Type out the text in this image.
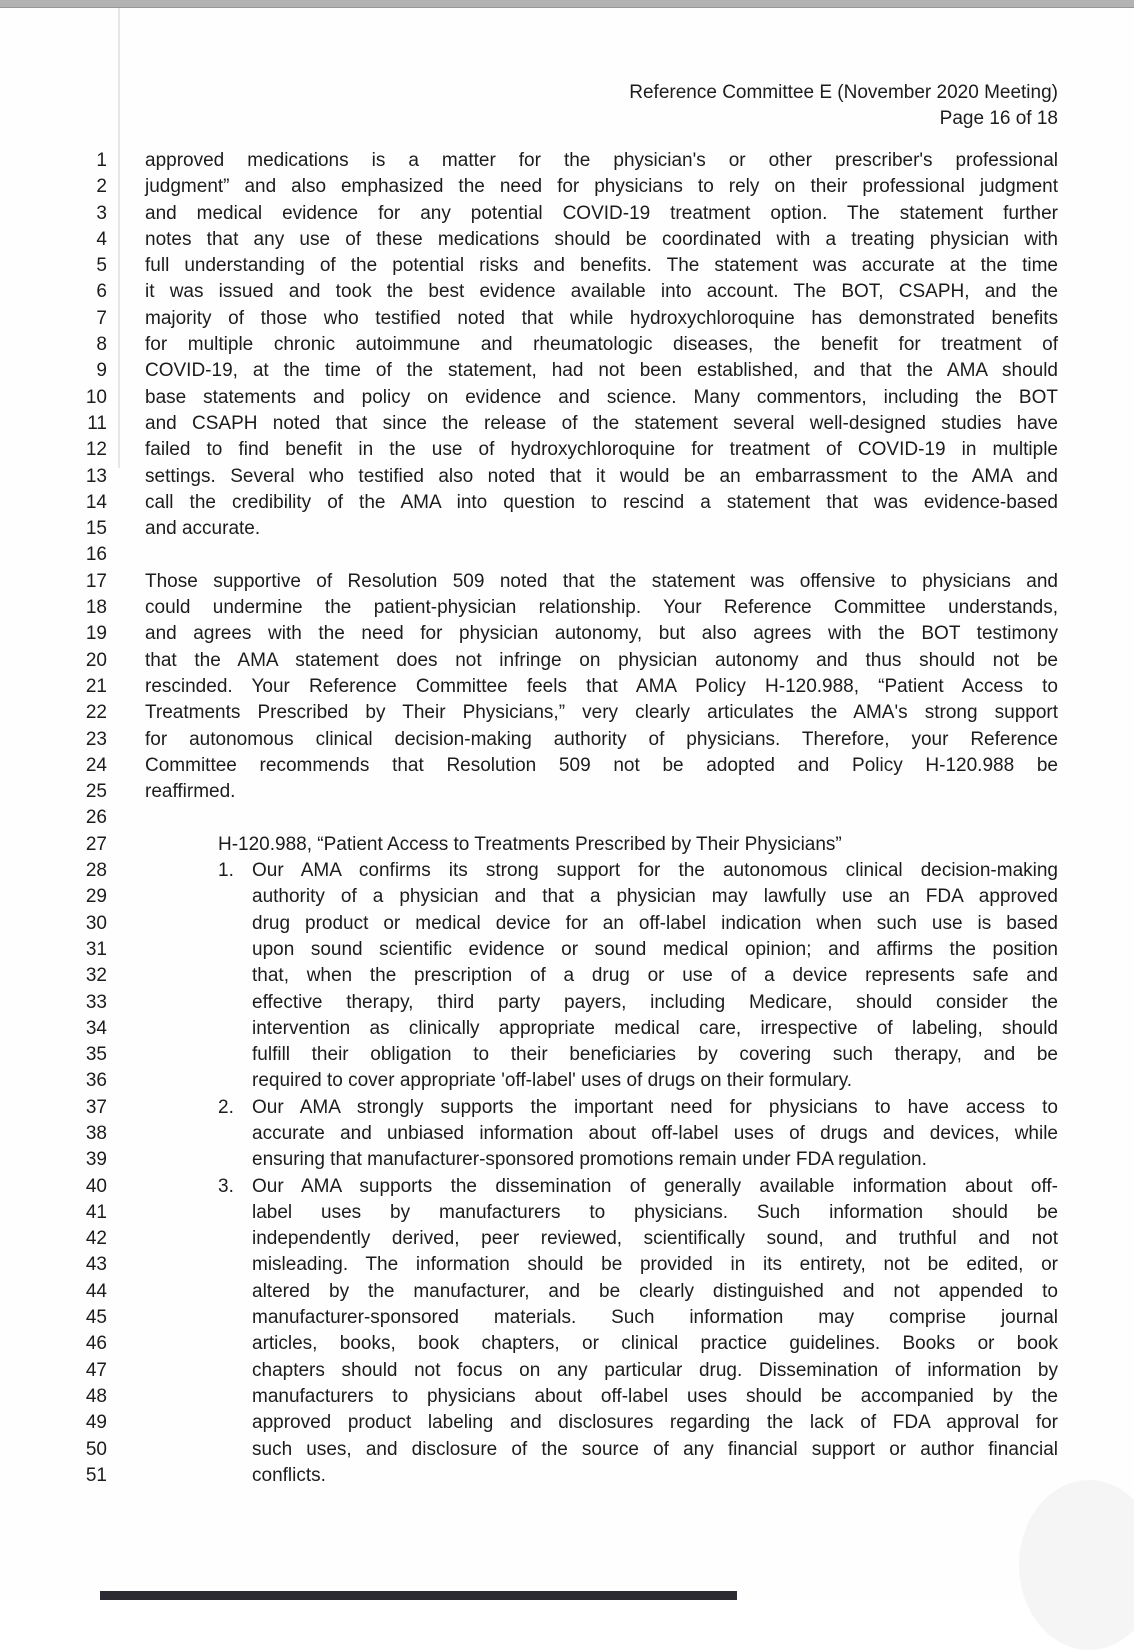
Reference Committee E (November 2020 Meeting)
Page 16 of 18
1 approved medications is a matter for the physician's or other prescriber's professional
2 judgment” and also emphasized the need for physicians to rely on their professional judgment
3 and medical evidence for any potential COVID-19 treatment option. The statement further
4 notes that any use of these medications should be coordinated with a treating physician with
5 full understanding of the potential risks and benefits. The statement was accurate at the time
6 it was issued and took the best evidence available into account. The BOT, CSAPH, and the
7 majority of those who testified noted that while hydroxychloroquine has demonstrated benefits
8 for multiple chronic autoimmune and rheumatologic diseases, the benefit for treatment of
9 COVID-19, at the time of the statement, had not been established, and that the AMA should
10 base statements and policy on evidence and science. Many commentors, including the BOT
11 and CSAPH noted that since the release of the statement several well-designed studies have
12 failed to find benefit in the use of hydroxychloroquine for treatment of COVID-19 in multiple
13 settings. Several who testified also noted that it would be an embarrassment to the AMA and
14 call the credibility of the AMA into question to rescind a statement that was evidence-based
15 and accurate.
16
17 Those supportive of Resolution 509 noted that the statement was offensive to physicians and
18 could undermine the patient-physician relationship. Your Reference Committee understands,
19 and agrees with the need for physician autonomy, but also agrees with the BOT testimony
20 that the AMA statement does not infringe on physician autonomy and thus should not be
21 rescinded. Your Reference Committee feels that AMA Policy H-120.988, “Patient Access to
22 Treatments Prescribed by Their Physicians,” very clearly articulates the AMA's strong support
23 for autonomous clinical decision-making authority of physicians. Therefore, your Reference
24 Committee recommends that Resolution 509 not be adopted and Policy H-120.988 be
25 reaffirmed.
26
27	H-120.988, “Patient Access to Treatments Prescribed by Their Physicians”
28	1. Our AMA confirms its strong support for the autonomous clinical decision-making
29	authority of a physician and that a physician may lawfully use an FDA approved
30	drug product or medical device for an off-label indication when such use is based
31	upon sound scientific evidence or sound medical opinion; and affirms the position
32	that, when the prescription of a drug or use of a device represents safe and
33	effective therapy, third party payers, including Medicare, should consider the
34	intervention as clinically appropriate medical care, irrespective of labeling, should
35	fulfill their obligation to their beneficiaries by covering such therapy, and be
36	required to cover appropriate 'off-label' uses of drugs on their formulary.
37	2. Our AMA strongly supports the important need for physicians to have access to
38	accurate and unbiased information about off-label uses of drugs and devices, while
39	ensuring that manufacturer-sponsored promotions remain under FDA regulation.
40	3. Our AMA supports the dissemination of generally available information about off-
41	label uses by manufacturers to physicians. Such information should be
42	independently derived, peer reviewed, scientifically sound, and truthful and not
43	misleading. The information should be provided in its entirety, not be edited, or
44	altered by the manufacturer, and be clearly distinguished and not appended to
45	manufacturer-sponsored materials. Such information may comprise journal
46	articles, books, book chapters, or clinical practice guidelines. Books or book
47	chapters should not focus on any particular drug. Dissemination of information by
48	manufacturers to physicians about off-label uses should be accompanied by the
49	approved product labeling and disclosures regarding the lack of FDA approval for
50	such uses, and disclosure of the source of any financial support or author financial
51	conflicts.
